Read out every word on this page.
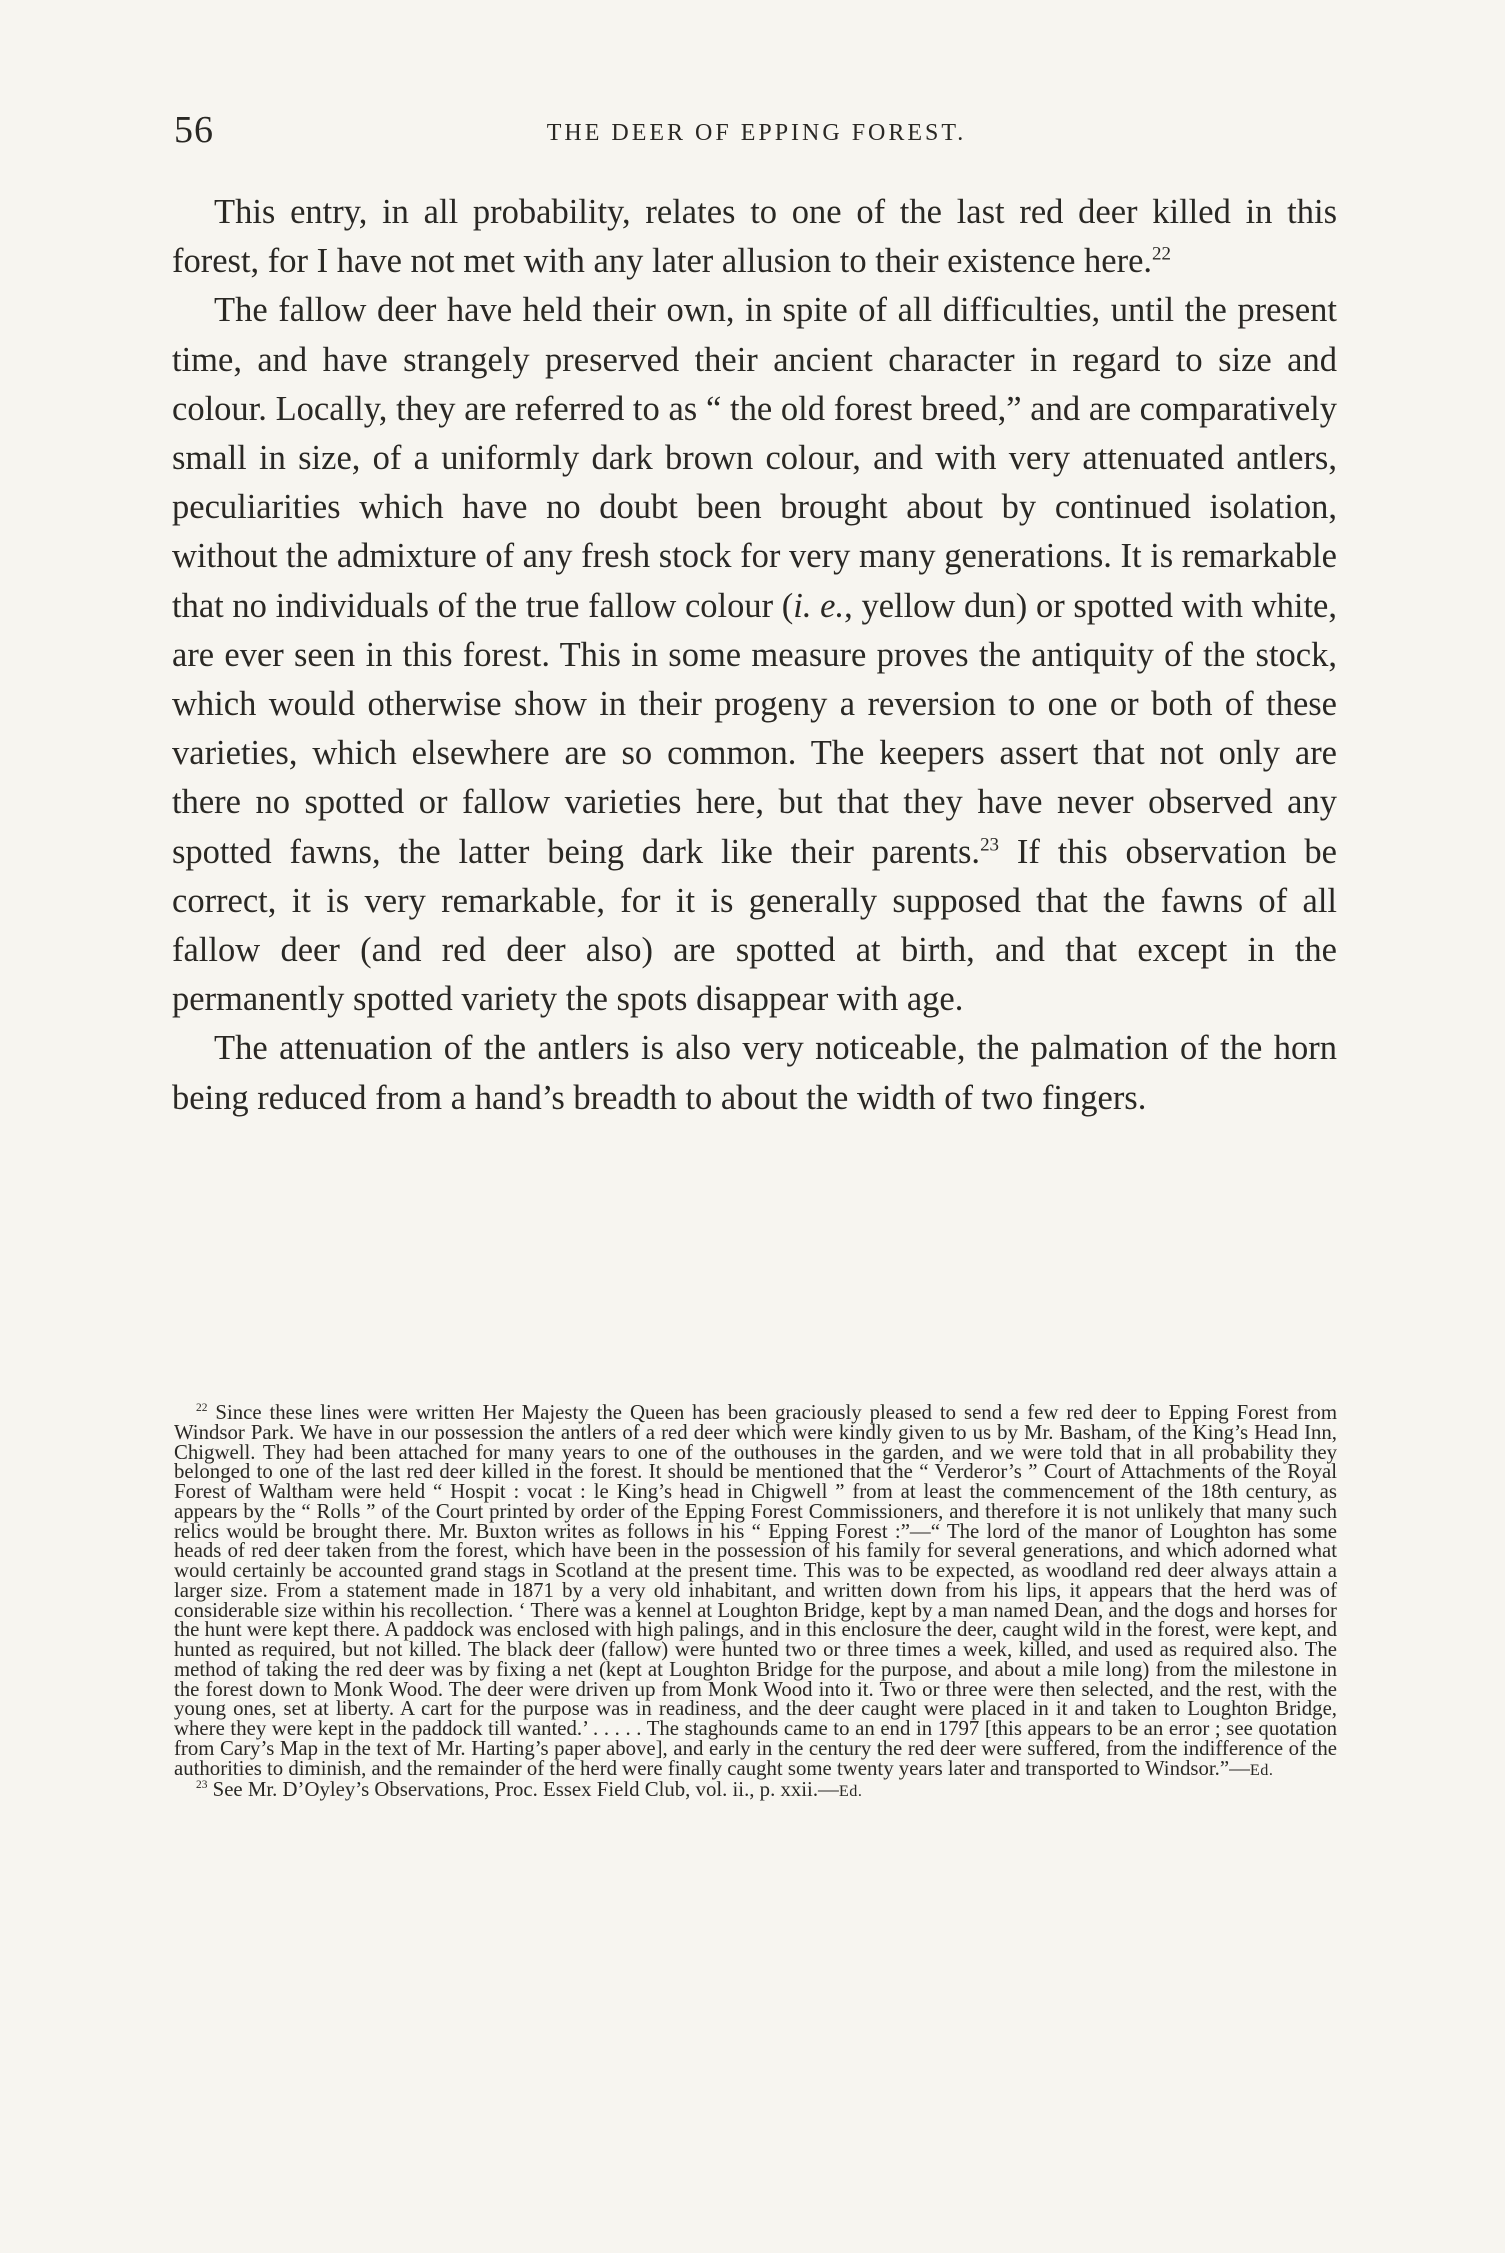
56	THE DEER OF EPPING FOREST.

This entry, in all probability, relates to one of the last red deer killed in this forest, for I have not met with any later allusion to their existence here.$^{22}$

The fallow deer have held their own, in spite of all difficulties, until the present time, and have strangely preserved their ancient character in regard to size and colour. Locally, they are referred to as “ the old forest breed,” and are comparatively small in size, of a uniformly dark brown colour, and with very attenuated antlers, peculiarities which have no doubt been brought about by continued isolation, without the admixture of any fresh stock for very many generations. It is remarkable that no individuals of the true fallow colour (i. e., yellow dun) or spotted with white, are ever seen in this forest. This in some measure proves the antiquity of the stock, which would otherwise show in their progeny a reversion to one or both of these varieties, which elsewhere are so common. The keepers assert that not only are there no spotted or fallow varieties here, but that they have never observed any spotted fawns, the latter being dark like their parents.$^{23}$ If this observation be correct, it is very remarkable, for it is generally supposed that the fawns of all fallow deer (and red deer also) are spotted at birth, and that except in the permanently spotted variety the spots disappear with age.

The attenuation of the antlers is also very noticeable, the palmation of the horn being reduced from a hand’s breadth to about the width of two fingers.

$^{22}$ Since these lines were written Her Majesty the Queen has been graciously pleased to send a few red deer to Epping Forest from Windsor Park. We have in our possession the antlers of a red deer which were kindly given to us by Mr. Basham, of the King’s Head Inn, Chigwell. They had been attached for many years to one of the outhouses in the garden, and we were told that in all probability they belonged to one of the last red deer killed in the forest. It should be mentioned that the “ Verderor’s ” Court of Attachments of the Royal Forest of Waltham were held “ Hospit : vocat : le King’s head in Chigwell ” from at least the commencement of the 18th century, as appears by the “ Rolls ” of the Court printed by order of the Epping Forest Commissioners, and therefore it is not unlikely that many such relics would be brought there. Mr. Buxton writes as follows in his “ Epping Forest :”—“ The lord of the manor of Loughton has some heads of red deer taken from the forest, which have been in the possession of his family for several generations, and which adorned what would certainly be accounted grand stags in Scotland at the present time. This was to be expected, as woodland red deer always attain a larger size. From a statement made in 1871 by a very old inhabitant, and written down from his lips, it appears that the herd was of considerable size within his recollection. ‘ There was a kennel at Loughton Bridge, kept by a man named Dean, and the dogs and horses for the hunt were kept there. A paddock was enclosed with high palings, and in this enclosure the deer, caught wild in the forest, were kept, and hunted as required, but not killed. The black deer (fallow) were hunted two or three times a week, killed, and used as required also. The method of taking the red deer was by fixing a net (kept at Loughton Bridge for the purpose, and about a mile long) from the milestone in the forest down to Monk Wood. The deer were driven up from Monk Wood into it. Two or three were then selected, and the rest, with the young ones, set at liberty. A cart for the purpose was in readiness, and the deer caught were placed in it and taken to Loughton Bridge, where they were kept in the paddock till wanted.’ . . . . . The staghounds came to an end in 1797 [this appears to be an error ; see quotation from Cary’s Map in the text of Mr. Harting’s paper above], and early in the century the red deer were suffered, from the indifference of the authorities to diminish, and the remainder of the herd were finally caught some twenty years later and transported to Windsor.”—Ed.

$^{23}$ See Mr. D’Oyley’s Observations, Proc. Essex Field Club, vol. ii., p. xxii.—Ed.
